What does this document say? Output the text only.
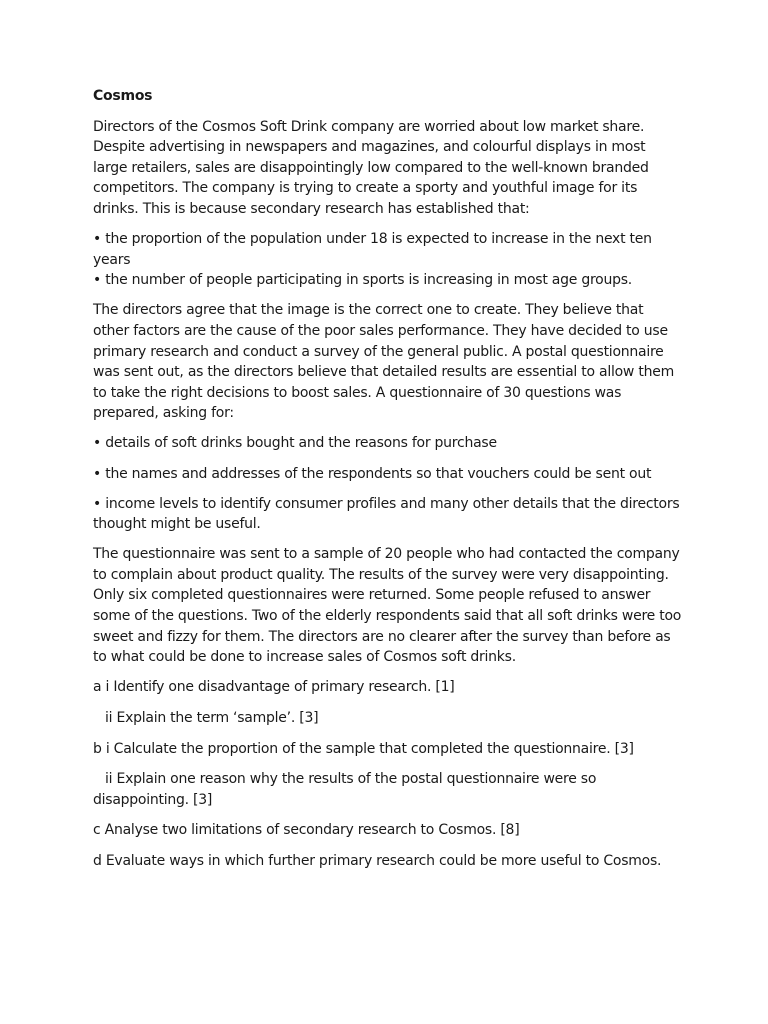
Cosmos

Directors of the Cosmos Soft Drink company are worried about low market share. Despite advertising in newspapers and magazines, and colourful displays in most large retailers, sales are disappointingly low compared to the well-known branded competitors. The company is trying to create a sporty and youthful image for its drinks. This is because secondary research has established that:

• the proportion of the population under 18 is expected to increase in the next ten years
• the number of people participating in sports is increasing in most age groups.

The directors agree that the image is the correct one to create. They believe that other factors are the cause of the poor sales performance. They have decided to use primary research and conduct a survey of the general public. A postal questionnaire was sent out, as the directors believe that detailed results are essential to allow them to take the right decisions to boost sales. A questionnaire of 30 questions was prepared, asking for:

• details of soft drinks bought and the reasons for purchase

• the names and addresses of the respondents so that vouchers could be sent out

• income levels to identify consumer profiles and many other details that the directors thought might be useful.

The questionnaire was sent to a sample of 20 people who had contacted the company to complain about product quality. The results of the survey were very disappointing. Only six completed questionnaires were returned. Some people refused to answer some of the questions. Two of the elderly respondents said that all soft drinks were too sweet and fizzy for them. The directors are no clearer after the survey than before as to what could be done to increase sales of Cosmos soft drinks.

a i Identify one disadvantage of primary research. [1]

ii Explain the term ‘sample’. [3]

b i Calculate the proportion of the sample that completed the questionnaire. [3]

ii Explain one reason why the results of the postal questionnaire were so disappointing. [3]

c Analyse two limitations of secondary research to Cosmos. [8]

d Evaluate ways in which further primary research could be more useful to Cosmos.
